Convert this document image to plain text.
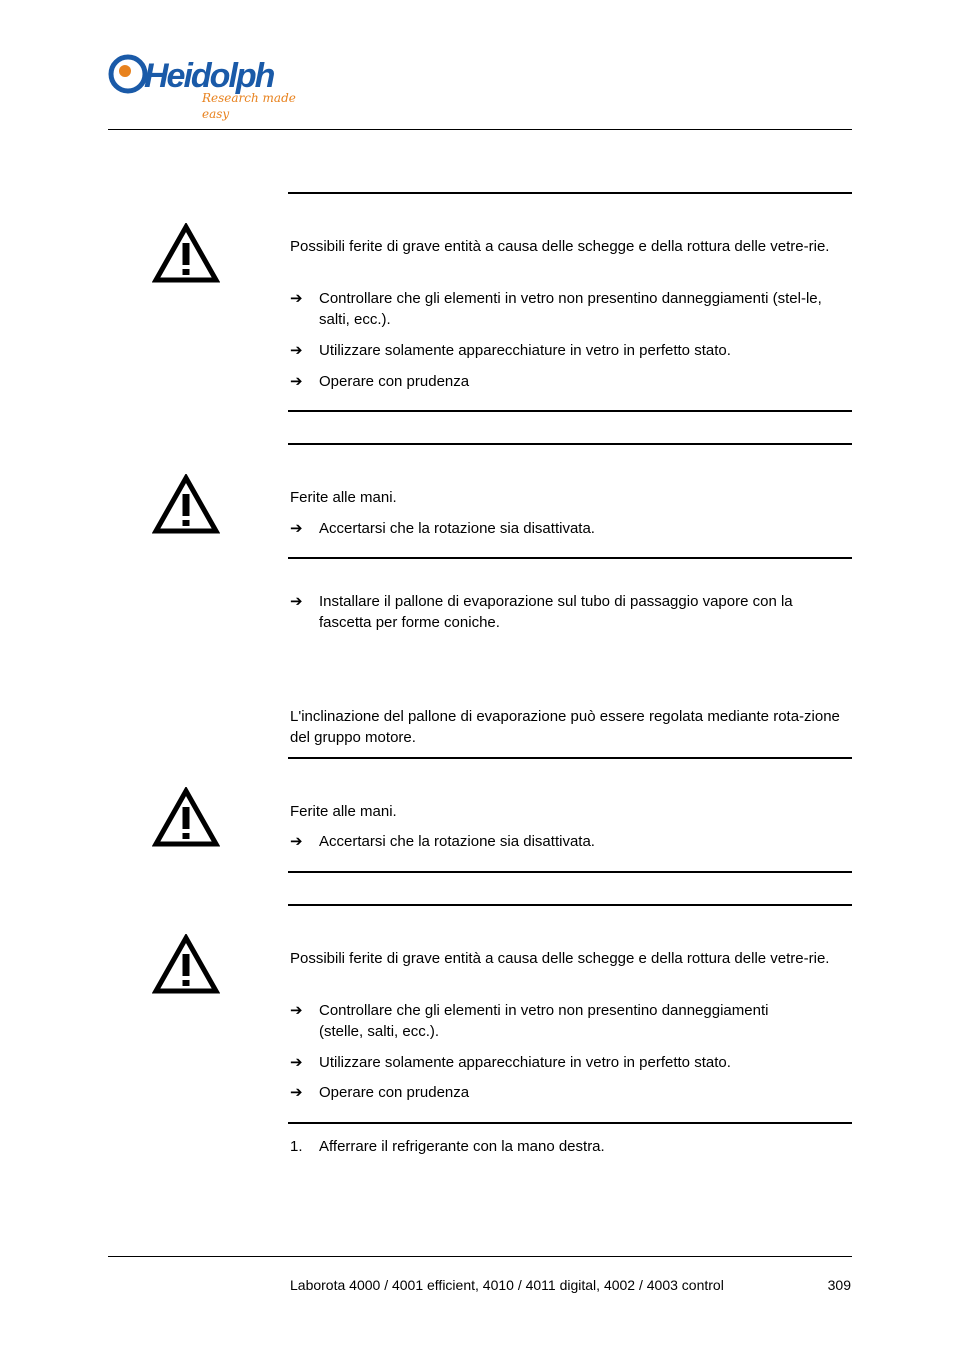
Heidolph
Research made easy
Possibili ferite di grave entità a causa delle schegge e della rottura delle vetre-rie.
➔	Controllare che gli elementi in vetro non presentino danneggiamenti (stel-le, salti, ecc.).
➔	Utilizzare solamente apparecchiature in vetro in perfetto stato.
➔	Operare con prudenza
Ferite alle mani.
➔	Accertarsi che la rotazione sia disattivata.
➔	Installare il pallone di evaporazione sul tubo di passaggio vapore con la fascetta per forme coniche.
L'inclinazione del pallone di evaporazione può essere regolata mediante rota-zione del gruppo motore.
Ferite alle mani.
➔	Accertarsi che la rotazione sia disattivata.
Possibili ferite di grave entità a causa delle schegge e della rottura delle vetre-rie.
➔	Controllare che gli elementi in vetro non presentino danneggiamenti (stelle, salti, ecc.).
➔	Utilizzare solamente apparecchiature in vetro in perfetto stato.
➔	Operare con prudenza
1.	Afferrare il refrigerante con la mano destra.
Laborota 4000 / 4001 efficient, 4010 / 4011 digital, 4002 / 4003 control	309
